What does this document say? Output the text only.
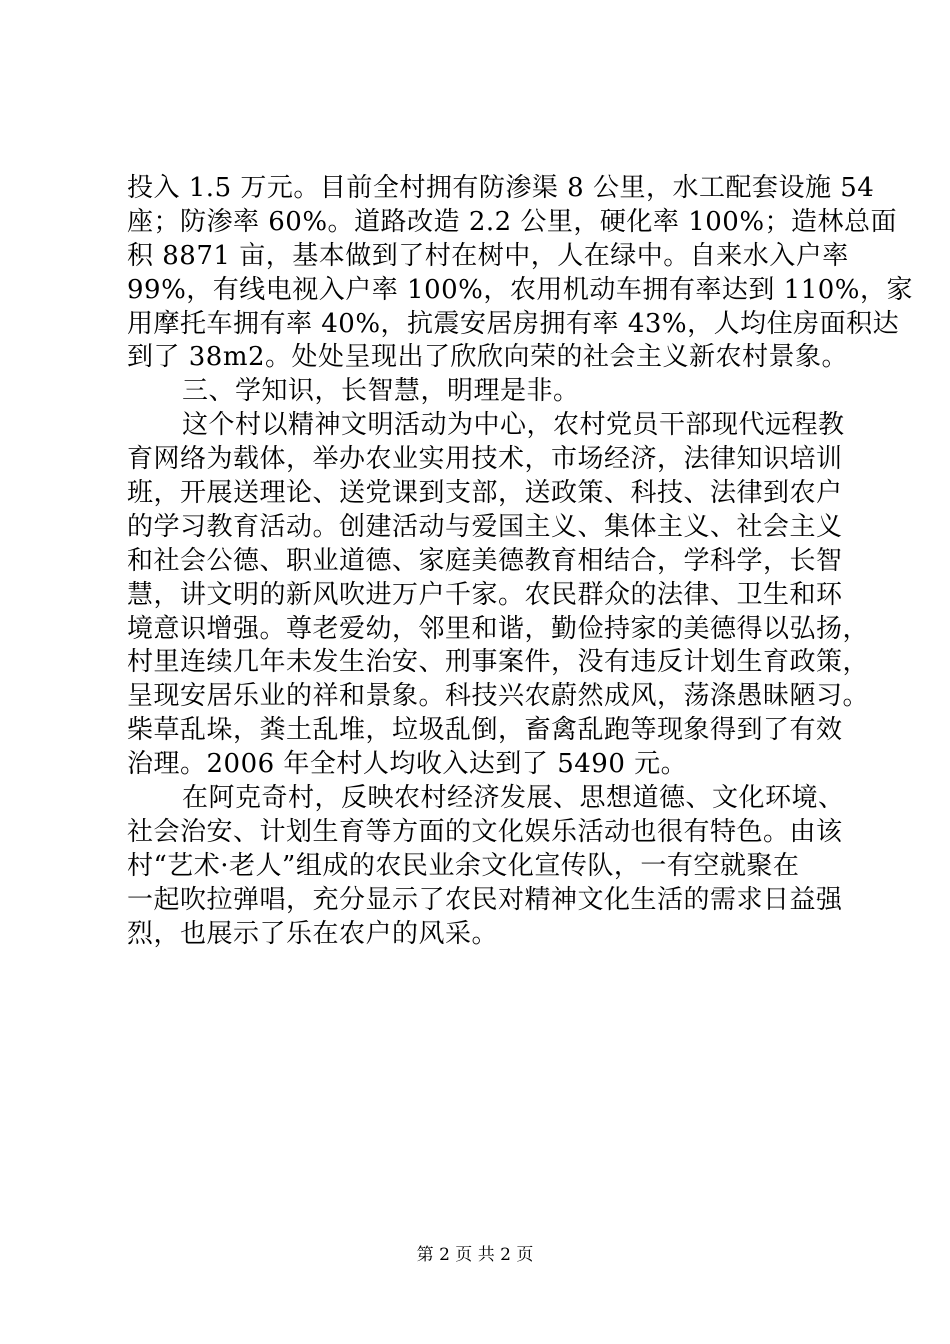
投入 1.5 万元。目前全村拥有防渗渠 8 公里，水工配套设施 54
座；防渗率 60%。道路改造 2.2 公里，硬化率 100%；造林总面
积 8871 亩，基本做到了村在树中，人在绿中。自来水入户率
99%，有线电视入户率 100%，农用机动车拥有率达到 110%，家
用摩托车拥有率 40%，抗震安居房拥有率 43%，人均住房面积达
到了 38m2。处处呈现出了欣欣向荣的社会主义新农村景象。
三、学知识，长智慧，明理是非。
这个村以精神文明活动为中心，农村党员干部现代远程教
育网络为载体，举办农业实用技术，市场经济，法律知识培训
班，开展送理论、送党课到支部，送政策、科技、法律到农户
的学习教育活动。创建活动与爱国主义、集体主义、社会主义
和社会公德、职业道德、家庭美德教育相结合，学科学，长智
慧，讲文明的新风吹进万户千家。农民群众的法律、卫生和环
境意识增强。尊老爱幼，邻里和谐，勤俭持家的美德得以弘扬，
村里连续几年未发生治安、刑事案件，没有违反计划生育政策，
呈现安居乐业的祥和景象。科技兴农蔚然成风，荡涤愚昧陋习。
柴草乱垛，粪土乱堆，垃圾乱倒，畜禽乱跑等现象得到了有效
治理。2006 年全村人均收入达到了 5490 元。
在阿克奇村，反映农村经济发展、思想道德、文化环境、
社会治安、计划生育等方面的文化娱乐活动也很有特色。由该
村“艺术·老人”组成的农民业余文化宣传队，一有空就聚在
一起吹拉弹唱，充分显示了农民对精神文化生活的需求日益强
烈，也展示了乐在农户的风采。
第 2 页 共 2 页
